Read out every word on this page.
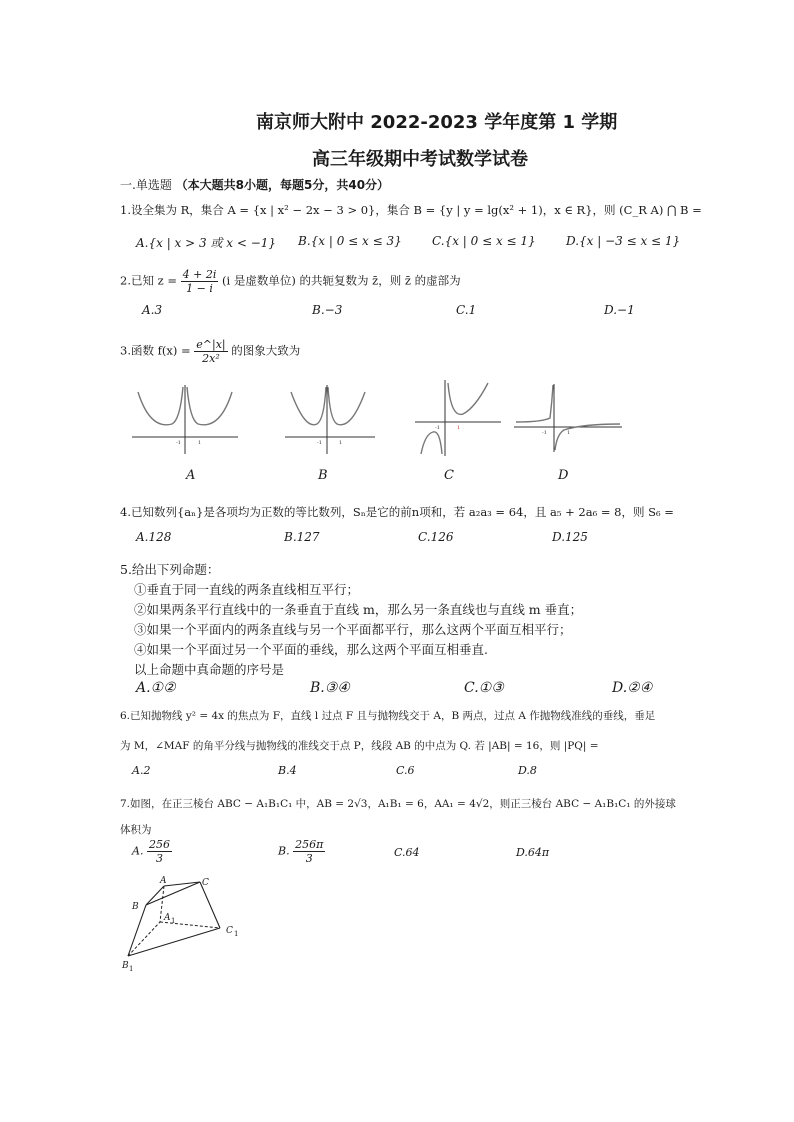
南京师大附中 2022-2023 学年度第 1 学期
高三年级期中考试数学试卷
一.单选题 （本大题共8小题，每题5分，共40分）
1.设全集为 R，集合 A = {x | x² − 2x − 3 > 0}，集合 B = {y | y = lg(x² + 1)，x ∈ R}，则 (C_R A) ⋂ B =
A.{x | x > 3 或 x < −1} B.{x | 0 ≤ x ≤ 3}	C.{x | 0 ≤ x ≤ 1}	D.{x | −3 ≤ x ≤ 1}
2.已知 $z = \frac{4 + 2i}{1 - i} (i$ 是虚数单位) 的共轭复数为 z̄，则 z̄ 的虚部为
A.3	B.−3	C.1	D.−1
3.函数 $f(x) = \frac{e\^{}|x|}{\text{2x²}}$ 的图象大致为
-1	1	-1	1
-1	1
-1	1
A	B	C	D
4.已知数列{aₙ}是各项均为正数的等比数列，Sₙ是它的前n项和，若 a₂a₃ = 64，且 a₅ + 2a₆ = 8，则 S₆ =
A.128	B.127	C.126	D.125
5.给出下列命题：
①垂直于同一直线的两条直线相互平行；
②如果两条平行直线中的一条垂直于直线 m，那么另一条直线也与直线 m 垂直；
③如果一个平面内的两条直线与另一个平面都平行，那么这两个平面互相平行；
④如果一个平面过另一个平面的垂线，那么这两个平面互相垂直.
以上命题中真命题的序号是
A.①②	B.③④	C.①③	D.②④
6.已知抛物线 y² = 4x 的焦点为 F，直线 l 过点 F 且与抛物线交于 A，B 两点，过点 A 作抛物线准线的垂线，垂足
为 M，∠MAF 的角平分线与抛物线的准线交于点 P，线段 AB 的中点为 Q. 若 |AB| = 16，则 |PQ| =
A.2	B.4	C.6	D.8
7.如图，在正三棱台 ABC − A₁B₁C₁ 中，AB = 2√3，A₁B₁ = 6，AA₁ = 4√2，则正三棱台 ABC − A₁B₁C₁ 的外接球
体积为
A. $\frac{256}{3}$	B. $\frac{256\pi}{3}$	C.64	D.64π
A	C
B
A 1
C 1
B 1
